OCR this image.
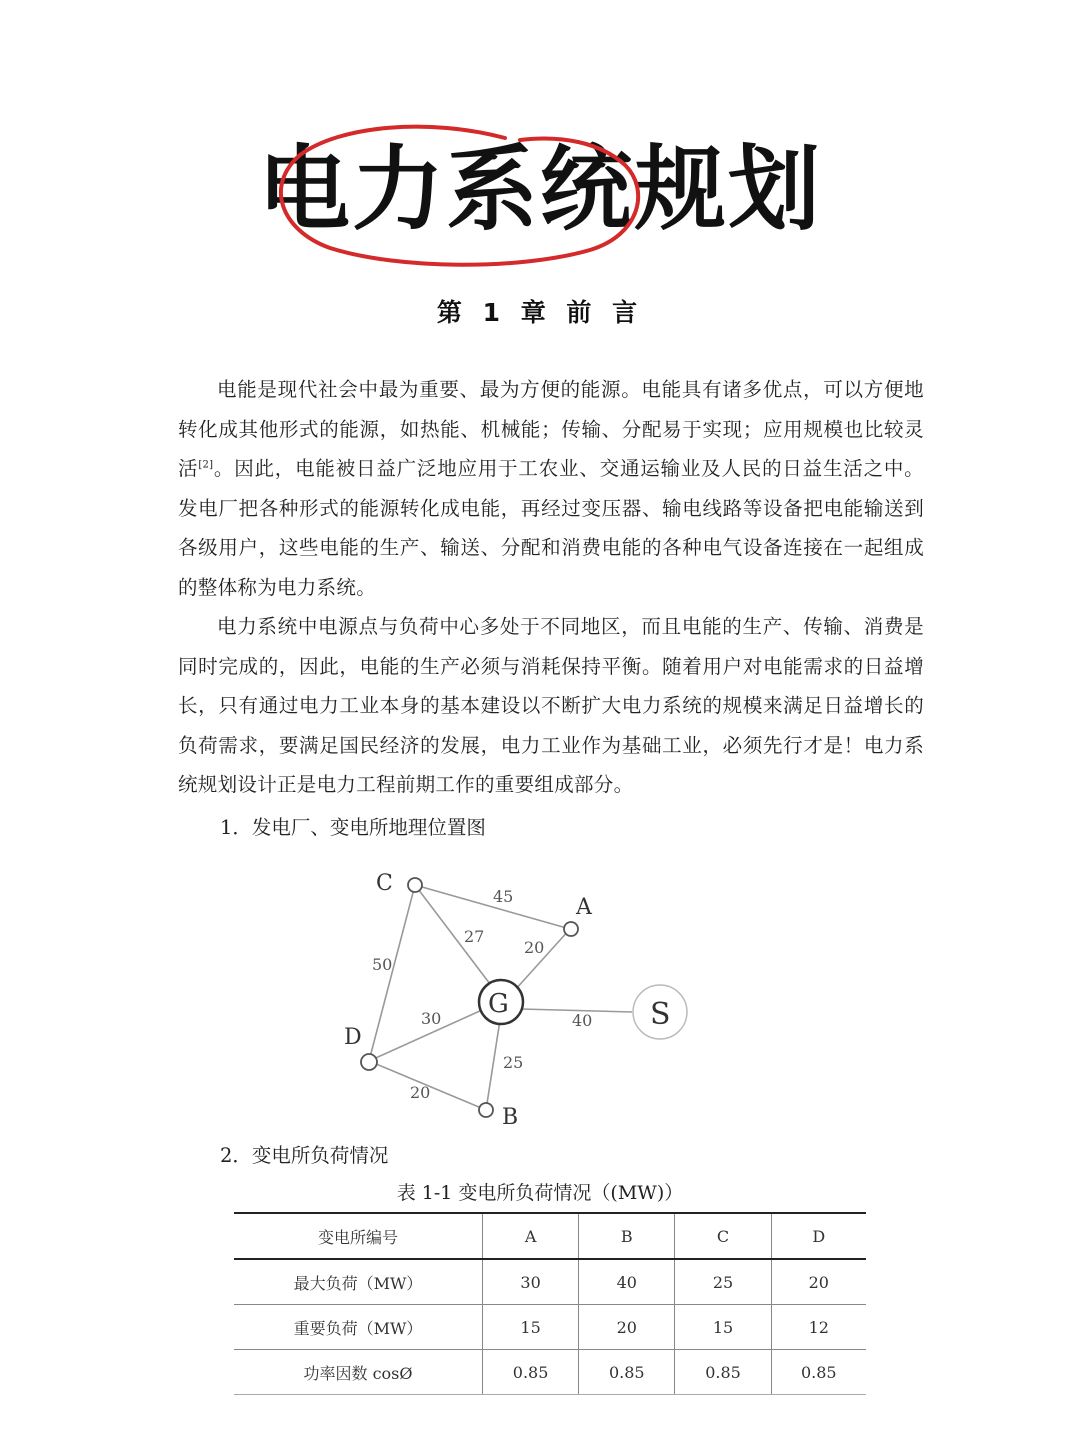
电力系统规划
第 1 章 前 言
电能是现代社会中最为重要、最为方便的能源。电能具有诸多优点，可以方便地转化成其他形式的能源，如热能、机械能；传输、分配易于实现；应用规模也比较灵活[2]。因此，电能被日益广泛地应用于工农业、交通运输业及人民的日益生活之中。发电厂把各种形式的能源转化成电能，再经过变压器、输电线路等设备把电能输送到各级用户，这些电能的生产、输送、分配和消费电能的各种电气设备连接在一起组成的整体称为电力系统。
电力系统中电源点与负荷中心多处于不同地区，而且电能的生产、传输、消费是同时完成的，因此，电能的生产必须与消耗保持平衡。随着用户对电能需求的日益增长，只有通过电力工业本身的基本建设以不断扩大电力系统的规模来满足日益增长的负荷需求，要满足国民经济的发展，电力工业作为基础工业，必须先行才是！电力系统规划设计正是电力工程前期工作的重要组成部分。
1．发电厂、变电所地理位置图
C
A
G	S
D
B
45
27
20
50
30	40
25
20
2．变电所负荷情况
表 1-1 变电所负荷情况（(MW)）
变电所编号	A	B	C	D
最大负荷（MW）	30	40	25	20
重要负荷（MW）	15	20	15	12
功率因数 cosØ	0.85	0.85	0.85	0.85
